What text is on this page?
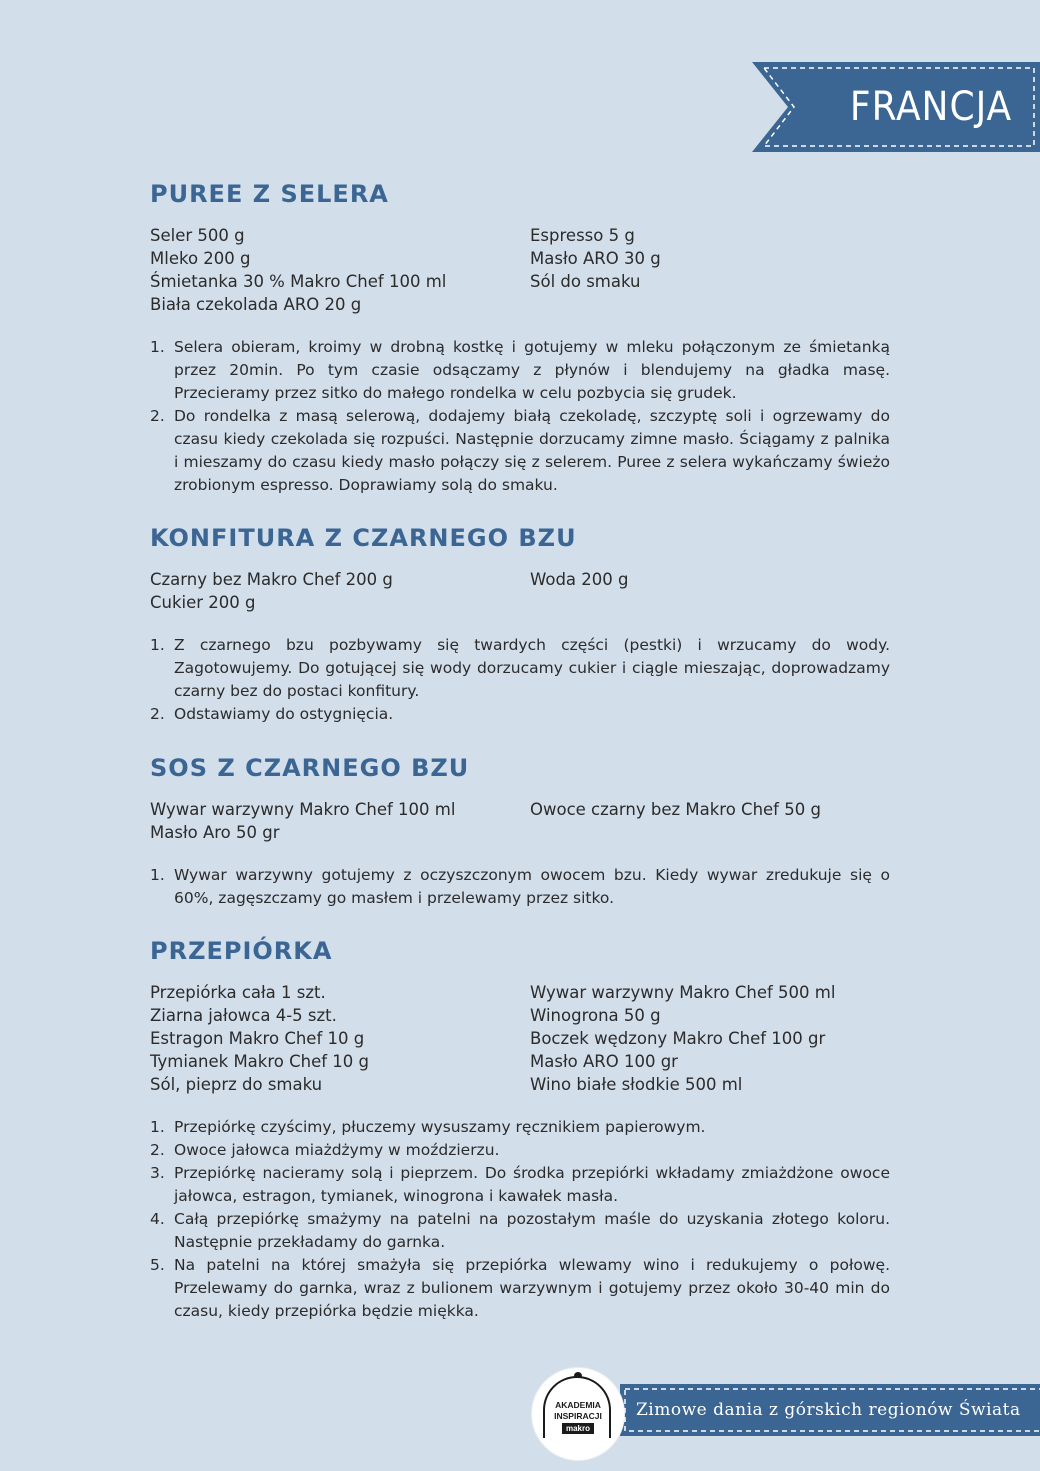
FRANCJA
PUREE Z SELERA
Seler 500 g
Mleko 200 g
Śmietanka 30 % Makro Chef 100 ml
Biała czekolada ARO 20 g
Espresso 5 g
Masło ARO 30 g
Sól do smaku
1. Selera obieram, kroimy w drobną kostkę i gotujemy w mleku połączonym ze śmietanką przez 20min. Po tym czasie odsączamy z płynów i blendujemy na gładka masę. Przecieramy przez sitko do małego rondelka w celu pozbycia się grudek.
2. Do rondelka z masą selerową, dodajemy białą czekoladę, szczyptę soli i ogrzewamy do czasu kiedy czekolada się rozpuści. Następnie dorzucamy zimne masło. Ściągamy z palnika i mieszamy do czasu kiedy masło połączy się z selerem. Puree z selera wykańczamy świeżo zrobionym espresso. Doprawiamy solą do smaku.
KONFITURA Z CZARNEGO BZU
Czarny bez Makro Chef 200 g
Cukier 200 g
Woda 200 g
1. Z czarnego bzu pozbywamy się twardych części (pestki) i wrzucamy do wody. Zagotowujemy. Do gotującej się wody dorzucamy cukier i ciągle mieszając, doprowadzamy czarny bez do postaci konfitury.
2. Odstawiamy do ostygnięcia.
SOS Z CZARNEGO BZU
Wywar warzywny Makro Chef 100 ml
Masło Aro 50 gr
Owoce czarny bez Makro Chef 50 g
1. Wywar warzywny gotujemy z oczyszczonym owocem bzu. Kiedy wywar zredukuje się o 60%, zagęszczamy go masłem i przelewamy przez sitko.
PRZEPIÓRKA
Przepiórka cała 1 szt.
Ziarna jałowca 4-5 szt.
Estragon Makro Chef 10 g
Tymianek Makro Chef 10 g
Sól, pieprz do smaku
Wywar warzywny Makro Chef 500 ml
Winogrona 50 g
Boczek wędzony Makro Chef 100 gr
Masło ARO 100 gr
Wino białe słodkie 500 ml
1. Przepiórkę czyścimy, płuczemy wysuszamy ręcznikiem papierowym.
2. Owoce jałowca miażdżymy w moździerzu.
3. Przepiórkę nacieramy solą i pieprzem. Do środka przepiórki wkładamy zmiażdżone owoce jałowca, estragon, tymianek, winogrona i kawałek masła.
4. Całą przepiórkę smażymy na patelni na pozostałym maśle do uzyskania złotego koloru. Następnie przekładamy do garnka.
5. Na patelni na której smażyła się przepiórka wlewamy wino i redukujemy o połowę. Przelewamy do garnka, wraz z bulionem warzywnym i gotujemy przez około 30-40 min do czasu, kiedy przepiórka będzie miękka.
Zimowe dania z górskich regionów Świata
AKADEMIA
INSPIRACJI
makro
